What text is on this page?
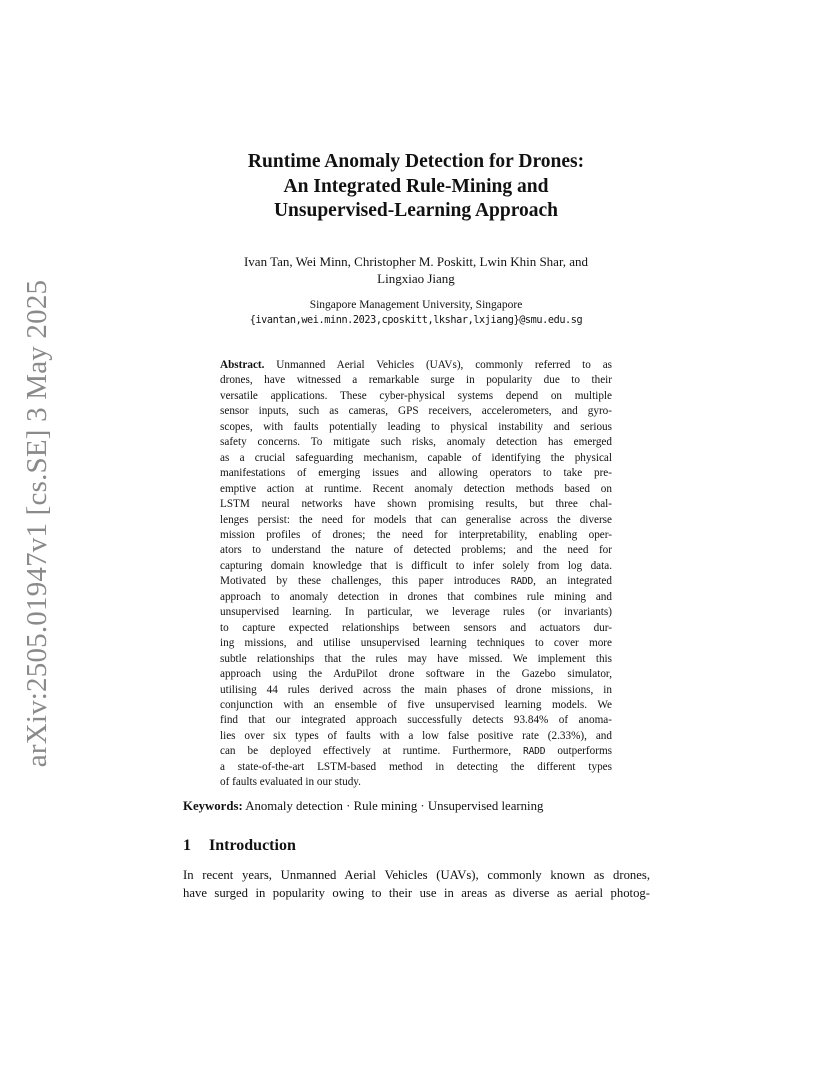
arXiv:2505.01947v1 [cs.SE] 3 May 2025
Runtime Anomaly Detection for Drones:
An Integrated Rule-Mining and
Unsupervised-Learning Approach
Ivan Tan, Wei Minn, Christopher M. Poskitt, Lwin Khin Shar, and
Lingxiao Jiang
Singapore Management University, Singapore
{ivantan,wei.minn.2023,cposkitt,lkshar,lxjiang}@smu.edu.sg
Abstract. Unmanned Aerial Vehicles (UAVs), commonly referred to as
drones, have witnessed a remarkable surge in popularity due to their
versatile applications. These cyber-physical systems depend on multiple
sensor inputs, such as cameras, GPS receivers, accelerometers, and gyro-
scopes, with faults potentially leading to physical instability and serious
safety concerns. To mitigate such risks, anomaly detection has emerged
as a crucial safeguarding mechanism, capable of identifying the physical
manifestations of emerging issues and allowing operators to take pre-
emptive action at runtime. Recent anomaly detection methods based on
LSTM neural networks have shown promising results, but three chal-
lenges persist: the need for models that can generalise across the diverse
mission profiles of drones; the need for interpretability, enabling oper-
ators to understand the nature of detected problems; and the need for
capturing domain knowledge that is difficult to infer solely from log data.
Motivated by these challenges, this paper introduces RADD, an integrated
approach to anomaly detection in drones that combines rule mining and
unsupervised learning. In particular, we leverage rules (or invariants)
to capture expected relationships between sensors and actuators dur-
ing missions, and utilise unsupervised learning techniques to cover more
subtle relationships that the rules may have missed. We implement this
approach using the ArduPilot drone software in the Gazebo simulator,
utilising 44 rules derived across the main phases of drone missions, in
conjunction with an ensemble of five unsupervised learning models. We
find that our integrated approach successfully detects 93.84% of anoma-
lies over six types of faults with a low false positive rate (2.33%), and
can be deployed effectively at runtime. Furthermore, RADD outperforms
a state-of-the-art LSTM-based method in detecting the different types
of faults evaluated in our study.
Keywords: Anomaly detection · Rule mining · Unsupervised learning
1 Introduction
In recent years, Unmanned Aerial Vehicles (UAVs), commonly known as drones,
have surged in popularity owing to their use in areas as diverse as aerial photog-
